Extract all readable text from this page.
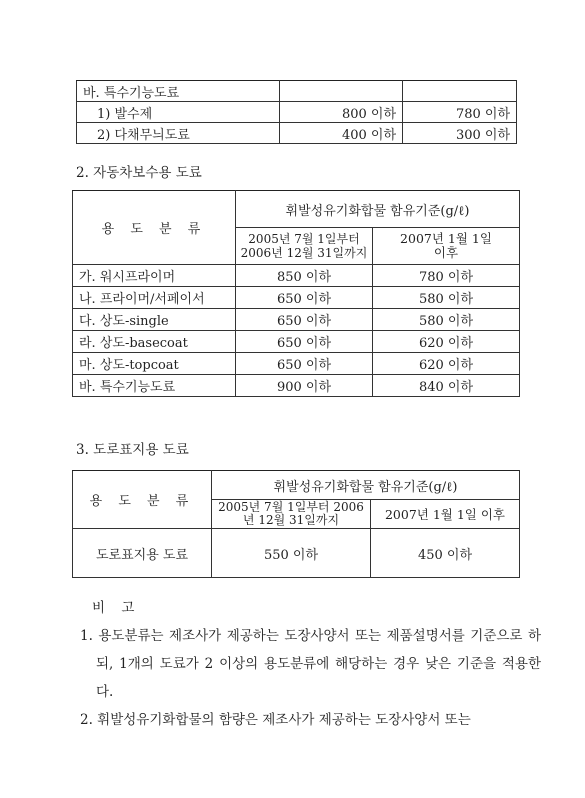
바. 특수기능도료		
1) 발수제	800 이하	780 이하
2) 다채무늬도료	400 이하	300 이하
2. 자동차보수용 도료
용 도 분 류	휘발성유기화합물 함유기준(g/ℓ)	
	2005년 7월 1일부터 2006년 12월 31일까지	2007년 1월 1일 이후
가. 워시프라이머	850 이하	780 이하
나. 프라이머/서페이서	650 이하	580 이하
다. 상도-single	650 이하	580 이하
라. 상도-basecoat	650 이하	620 이하
마. 상도-topcoat	650 이하	620 이하
바. 특수기능도료	900 이하	840 이하
3. 도로표지용 도료
용 도 분 류	휘발성유기화합물 함유기준(g/ℓ)	
	2005년 7월 1일부터 2006년 12월 31일까지	2007년 1월 1일 이후
도로표지용 도료	550 이하	450 이하
비 고
1. 용도분류는 제조사가 제공하는 도장사양서 또는 제품설명서를 기준으로 하되, 1개의 도료가 2 이상의 용도분류에 해당하는 경우 낮은 기준을 적용한다.
2. 휘발성유기화합물의 함량은 제조사가 제공하는 도장사양서 또는
